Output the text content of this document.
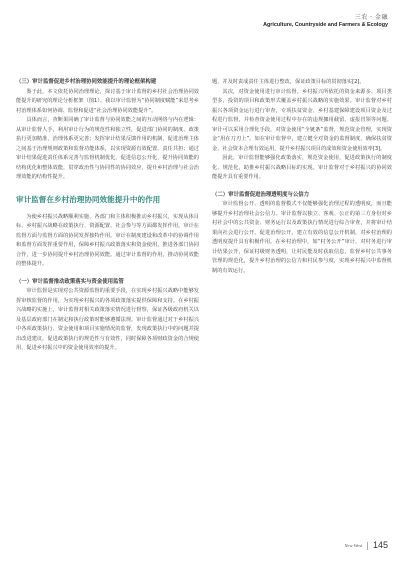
三农 · 金融
Agriculture, Countryside and Farmers & Ecology

（三）审计监督促进乡村治理协同效能提升的理论框架构建

鉴于此，本文依托协同治理理论，探讨基于审计监督的乡村社会治理协同效能提升的研究的理论分析框架（图1）。我以审计监督为“协同制度赋能”来思考乡村治理体系如何协调、监督和促进“社会治理协同效能提升”。

具体而言，查断果同确了审计监督与协同效能之间的互动网络与内在逻辑：从审计监督人手，利用审计行为的规范性和独立性，促进部门协同的制度、政策执行更加精准，治理体系更完善；发挥审计结果反馈作用的机制，促进治理主体之间基于治理规则政策和监督功能体系，以实现资源有效配置、责任共担；通过审计结果促进责任体系完善与监督机制优化，促进信息公开化，提升协同效能的结构优化和整体效能，贯穿政治性与协同性的协同效应，提升乡村治理与社会治理效能的结构性提升。

审计监督在乡村治理协同效能提升中的作用

为使乡村振兴战略顺利实施，各部门和主体积极推动乡村振兴，实现从体目标，乡村振兴战略在政策执行、资源配置、社会参与等方面都发挥作用。审计在监督方面与监督方面的协同发挥独特作用。审计在制度建设和改革中的协调作用和监督方面发挥重要作用，保障乡村振兴政策落实和资金使用，推进各部门协同合作，进一步协同提升乡村治理协同效能。通过审计监督的作用，推动协同效能的整体提升。

（一）审计监督推动政策落实与资金使用监管

审计监督是实现对公共资源监督的重要手段，在实现乡村振兴战略中能够发挥审核监督的作用，为实现乡村振兴的各项政策落实提供保障和支持。在乡村振兴战略的实施上，审计监督对相关政策落实情况进行督察，保证各级政府机关以及基层政府部门在制定和执行政策时能够遵循法规。审计监督通过对于乡村振兴中各项政策执行、资金使用和项目实施情况的监督，发现政策执行中的问题并提出改进建议，促进政策执行的规范性与有效性，同时保障各项财政资金的合规使用，促进乡村振兴中的资金使用效率的提升。

题，并及时责成责任主体进行整改，保证政策目标的贯彻落实[2]。

其次，对资金使用进行审计监督。乡村振兴所依托的资金来源多、项目类型多，投资的项目和政策形式覆盖乡村振兴战略的实施效果。审计监督对乡村振兴各项资金运行进行审查，专项扶贫资金、乡村基建保障建设项目资金及过程进行监督，并检查资金使用过程中存在的违规挪用截留、虚报冒领等问题。审计可以采用合理化手段，对资金使用“全链条”监督，规范资金管理，实现资金“用在刀刃上”。如在审计监督中，建立健全对资金的监督制度，确保扶贫资金、社会资本合理有效运用，提升乡村振兴项目的成效和资金使用效率[3]。

因此，审计监督能够强化政策落实，规范资金使用，促进政策执行的制度化、规范化，助推乡村振兴战略目标的实现。审计监督对于乡村振兴的协同效能提升具有重要作用。

（二）审计监督促进治理透明度与公信力

审计监督公开、透明的监督模式不仅能够强化治理过程的透明度，而且能够提升乡村治理社会公信力。审计监督以独立、客观、公正的第三方身份对乡村社会中的公共资金、财务运行以及政策执行情况进行综合审查，并将审计结果向社会进行公开，促进治理公开，建立有效的信息公开机制，对乡村治理的透明度提升具有积极作用。在乡村治理中，如“村务公开”审计，对村务进行审计结果公开，保证村级财务透明，让村民能及时获取信息，监督乡村公共事务管理的规范化，提升乡村治理的公信力和村民参与度，实现乡村振兴中监督机制的有效运行。

New West | 145
